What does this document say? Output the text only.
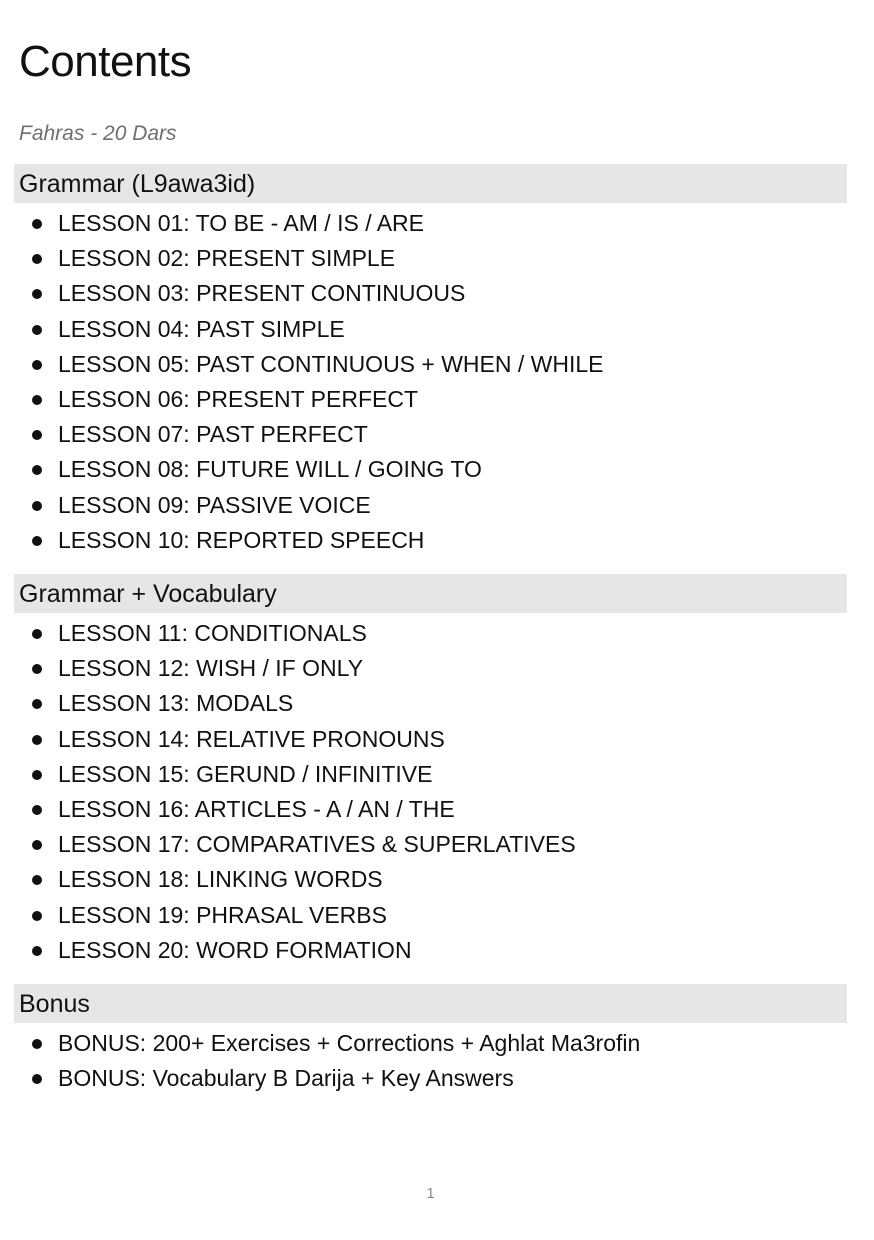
Contents

Fahras - 20 Dars

Grammar (L9awa3id)
LESSON 01: TO BE - AM / IS / ARE
LESSON 02: PRESENT SIMPLE
LESSON 03: PRESENT CONTINUOUS
LESSON 04: PAST SIMPLE
LESSON 05: PAST CONTINUOUS + WHEN / WHILE
LESSON 06: PRESENT PERFECT
LESSON 07: PAST PERFECT
LESSON 08: FUTURE WILL / GOING TO
LESSON 09: PASSIVE VOICE
LESSON 10: REPORTED SPEECH
Grammar + Vocabulary
LESSON 11: CONDITIONALS
LESSON 12: WISH / IF ONLY
LESSON 13: MODALS
LESSON 14: RELATIVE PRONOUNS
LESSON 15: GERUND / INFINITIVE
LESSON 16: ARTICLES - A / AN / THE
LESSON 17: COMPARATIVES & SUPERLATIVES
LESSON 18: LINKING WORDS
LESSON 19: PHRASAL VERBS
LESSON 20: WORD FORMATION
Bonus
BONUS: 200+ Exercises + Corrections + Aghlat Ma3rofin
BONUS: Vocabulary B Darija + Key Answers
1
